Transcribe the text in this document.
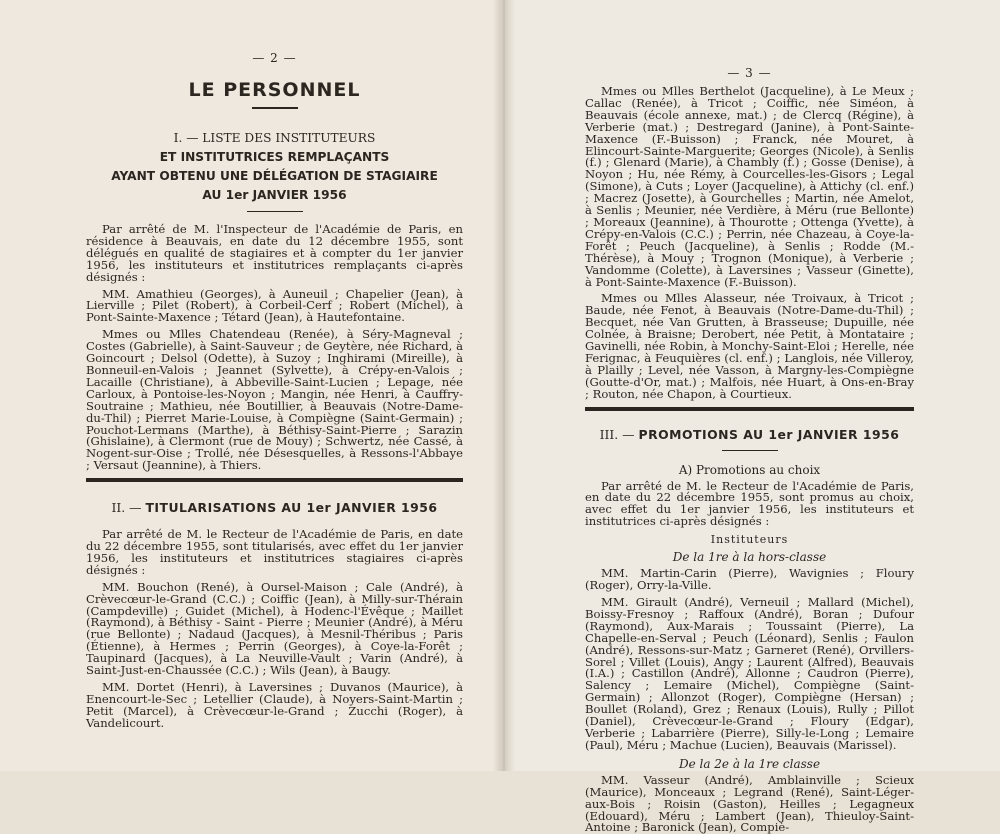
— 2 —
LE PERSONNEL
I. — LISTE DES INSTITUTEURS
ET INSTITUTRICES REMPLAÇANTS
AYANT OBTENU UNE DÉLÉGATION DE STAGIAIRE
AU 1er JANVIER 1956

Par arrêté de M. l'Inspecteur de l'Académie de Paris, en résidence à Beauvais, en date du 12 décembre 1955, sont délégués en qualité de stagiaires et à compter du 1er janvier 1956, les instituteurs et institutrices remplaçants ci-après désignés :

MM. Amathieu (Georges), à Auneuil ; Chapelier (Jean), à Lierville ; Pilet (Robert), à Corbeil-Cerf ; Robert (Michel), à Pont-Sainte-Maxence ; Tétard (Jean), à Hautefontaine.

Mmes ou Mlles Chatendeau (Renée), à Séry-Magneval ; Costes (Gabrielle), à Saint-Sauveur ; de Geytère, née Richard, à Goincourt ; Delsol (Odette), à Suzoy ; Inghirami (Mireille), à Bonneuil-en-Valois ; Jeannet (Sylvette), à Crépy-en-Valois ; Lacaille (Christiane), à Abbeville-Saint-Lucien ; Lepage, née Carloux, à Pontoise-les-Noyon ; Mangin, née Henri, à Cauffry-Soutraine ; Mathieu, née Boutillier, à Beauvais (Notre-Dame-du-Thil) ; Pierret Marie-Louise, à Compiègne (Saint-Germain) ; Pouchot-Lermans (Marthe), à Béthisy-Saint-Pierre ; Sarazin (Ghislaine), à Clermont (rue de Mouy) ; Schwertz, née Cassé, à Nogent-sur-Oise ; Trollé, née Désesquelles, à Ressons-l'Abbaye ; Versaut (Jeannine), à Thiers.

II. — TITULARISATIONS AU 1er JANVIER 1956

Par arrêté de M. le Recteur de l'Académie de Paris, en date du 22 décembre 1955, sont titularisés, avec effet du 1er janvier 1956, les instituteurs et institutrices stagiaires ci-après désignés :

MM. Bouchon (René), à Oursel-Maison ; Cale (André), à Crèvecœur-le-Grand (C.C.) ; Coiffic (Jean), à Milly-sur-Thérain (Campdeville) ; Guidet (Michel), à Hodenc-l'Évêque ; Maillet (Raymond), à Béthisy - Saint - Pierre ; Meunier (André), à Méru (rue Bellonte) ; Nadaud (Jacques), à Mesnil-Théribus ; Paris (Étienne), à Hermes ; Perrin (Georges), à Coye-la-Forêt ; Taupinard (Jacques), à La Neuville-Vault ; Varin (André), à Saint-Just-en-Chaussée (C.C.) ; Wils (Jean), à Baugy.

MM. Dortet (Henri), à Laversines ; Duvanos (Maurice), à Enencourt-le-Sec ; Letellier (Claude), à Noyers-Saint-Martin ; Petit (Marcel), à Crèvecœur-le-Grand ; Zucchi (Roger), à Vandelicourt.

— 3 —

Mmes ou Mlles Berthelot (Jacqueline), à Le Meux ; Callac (Renée), à Tricot ; Coiffic, née Siméon, à Beauvais (école annexe, mat.) ; de Clercq (Régine), à Verberie (mat.) ; Destregard (Janine), à Pont-Sainte-Maxence (F.-Buisson) ; Franck, née Mouret, à Elincourt-Sainte-Marguerite; Georges (Nicole), à Senlis (f.) ; Glenard (Marie), à Chambly (f.) ; Gosse (Denise), à Noyon ; Hu, née Rémy, à Courcelles-les-Gisors ; Legal (Simone), à Cuts ; Loyer (Jacqueline), à Attichy (cl. enf.) ; Macrez (Josette), à Gourchelles ; Martin, née Amelot, à Senlis ; Meunier, née Verdière, à Méru (rue Bellonte) ; Moreaux (Jeannine), à Thourotte ; Ottenga (Yvette), à Crépy-en-Valois (C.C.) ; Perrin, née Chazeau, à Coye-la-Forêt ; Peuch (Jacqueline), à Senlis ; Rodde (M.-Thérèse), à Mouy ; Trognon (Monique), à Verberie ; Vandomme (Colette), à Laversines ; Vasseur (Ginette), à Pont-Sainte-Maxence (F.-Buisson).

Mmes ou Mlles Alasseur, née Troivaux, à Tricot ; Baude, née Fenot, à Beauvais (Notre-Dame-du-Thil) ; Becquet, née Van Grutten, à Brasseuse; Dupuille, née Colnée, à Braisne; Derobert, née Petit, à Montataire ; Gavinelli, née Robin, à Monchy-Saint-Eloi ; Herelle, née Ferignac, à Feuquières (cl. enf.) ; Langlois, née Villeroy, à Plailly ; Level, née Vasson, à Margny-les-Compiègne (Goutte-d'Or, mat.) ; Malfois, née Huart, à Ons-en-Bray ; Routon, née Chapon, à Courtieux.

III. — PROMOTIONS AU 1er JANVIER 1956
A) Promotions au choix

Par arrêté de M. le Recteur de l'Académie de Paris, en date du 22 décembre 1955, sont promus au choix, avec effet du 1er janvier 1956, les instituteurs et institutrices ci-après désignés :

Instituteurs
De la 1re à la hors-classe

MM. Martin-Carin (Pierre), Wavignies ; Floury (Roger), Orry-la-Ville.

MM. Girault (André), Verneuil ; Mallard (Michel), Boissy-Fresnoy ; Raffoux (André), Boran ; Dufour (Raymond), Aux-Marais ; Toussaint (Pierre), La Chapelle-en-Serval ; Peuch (Léonard), Senlis ; Faulon (André), Ressons-sur-Matz ; Garneret (René), Orvillers-Sorel ; Villet (Louis), Angy ; Laurent (Alfred), Beauvais (I.A.) ; Castillon (André), Allonne ; Caudron (Pierre), Salency ; Lemaire (Michel), Compiègne (Saint-Germain) ; Allonzot (Roger), Compiègne (Hersan) ; Boullet (Roland), Grez ; Renaux (Louis), Rully ; Pillot (Daniel), Crèvecœur-le-Grand ; Floury (Edgar), Verberie ; Labarrière (Pierre), Silly-le-Long ; Lemaire (Paul), Méru ; Machue (Lucien), Beauvais (Marissel).

De la 2e à la 1re classe

MM. Vasseur (André), Amblainville ; Scieux (Maurice), Monceaux ; Legrand (René), Saint-Léger-aux-Bois ; Roisin (Gaston), Heilles ; Legagneux (Edouard), Méru ; Lambert (Jean), Thieuloy-Saint-Antoine ; Baronick (Jean), Compiè-
